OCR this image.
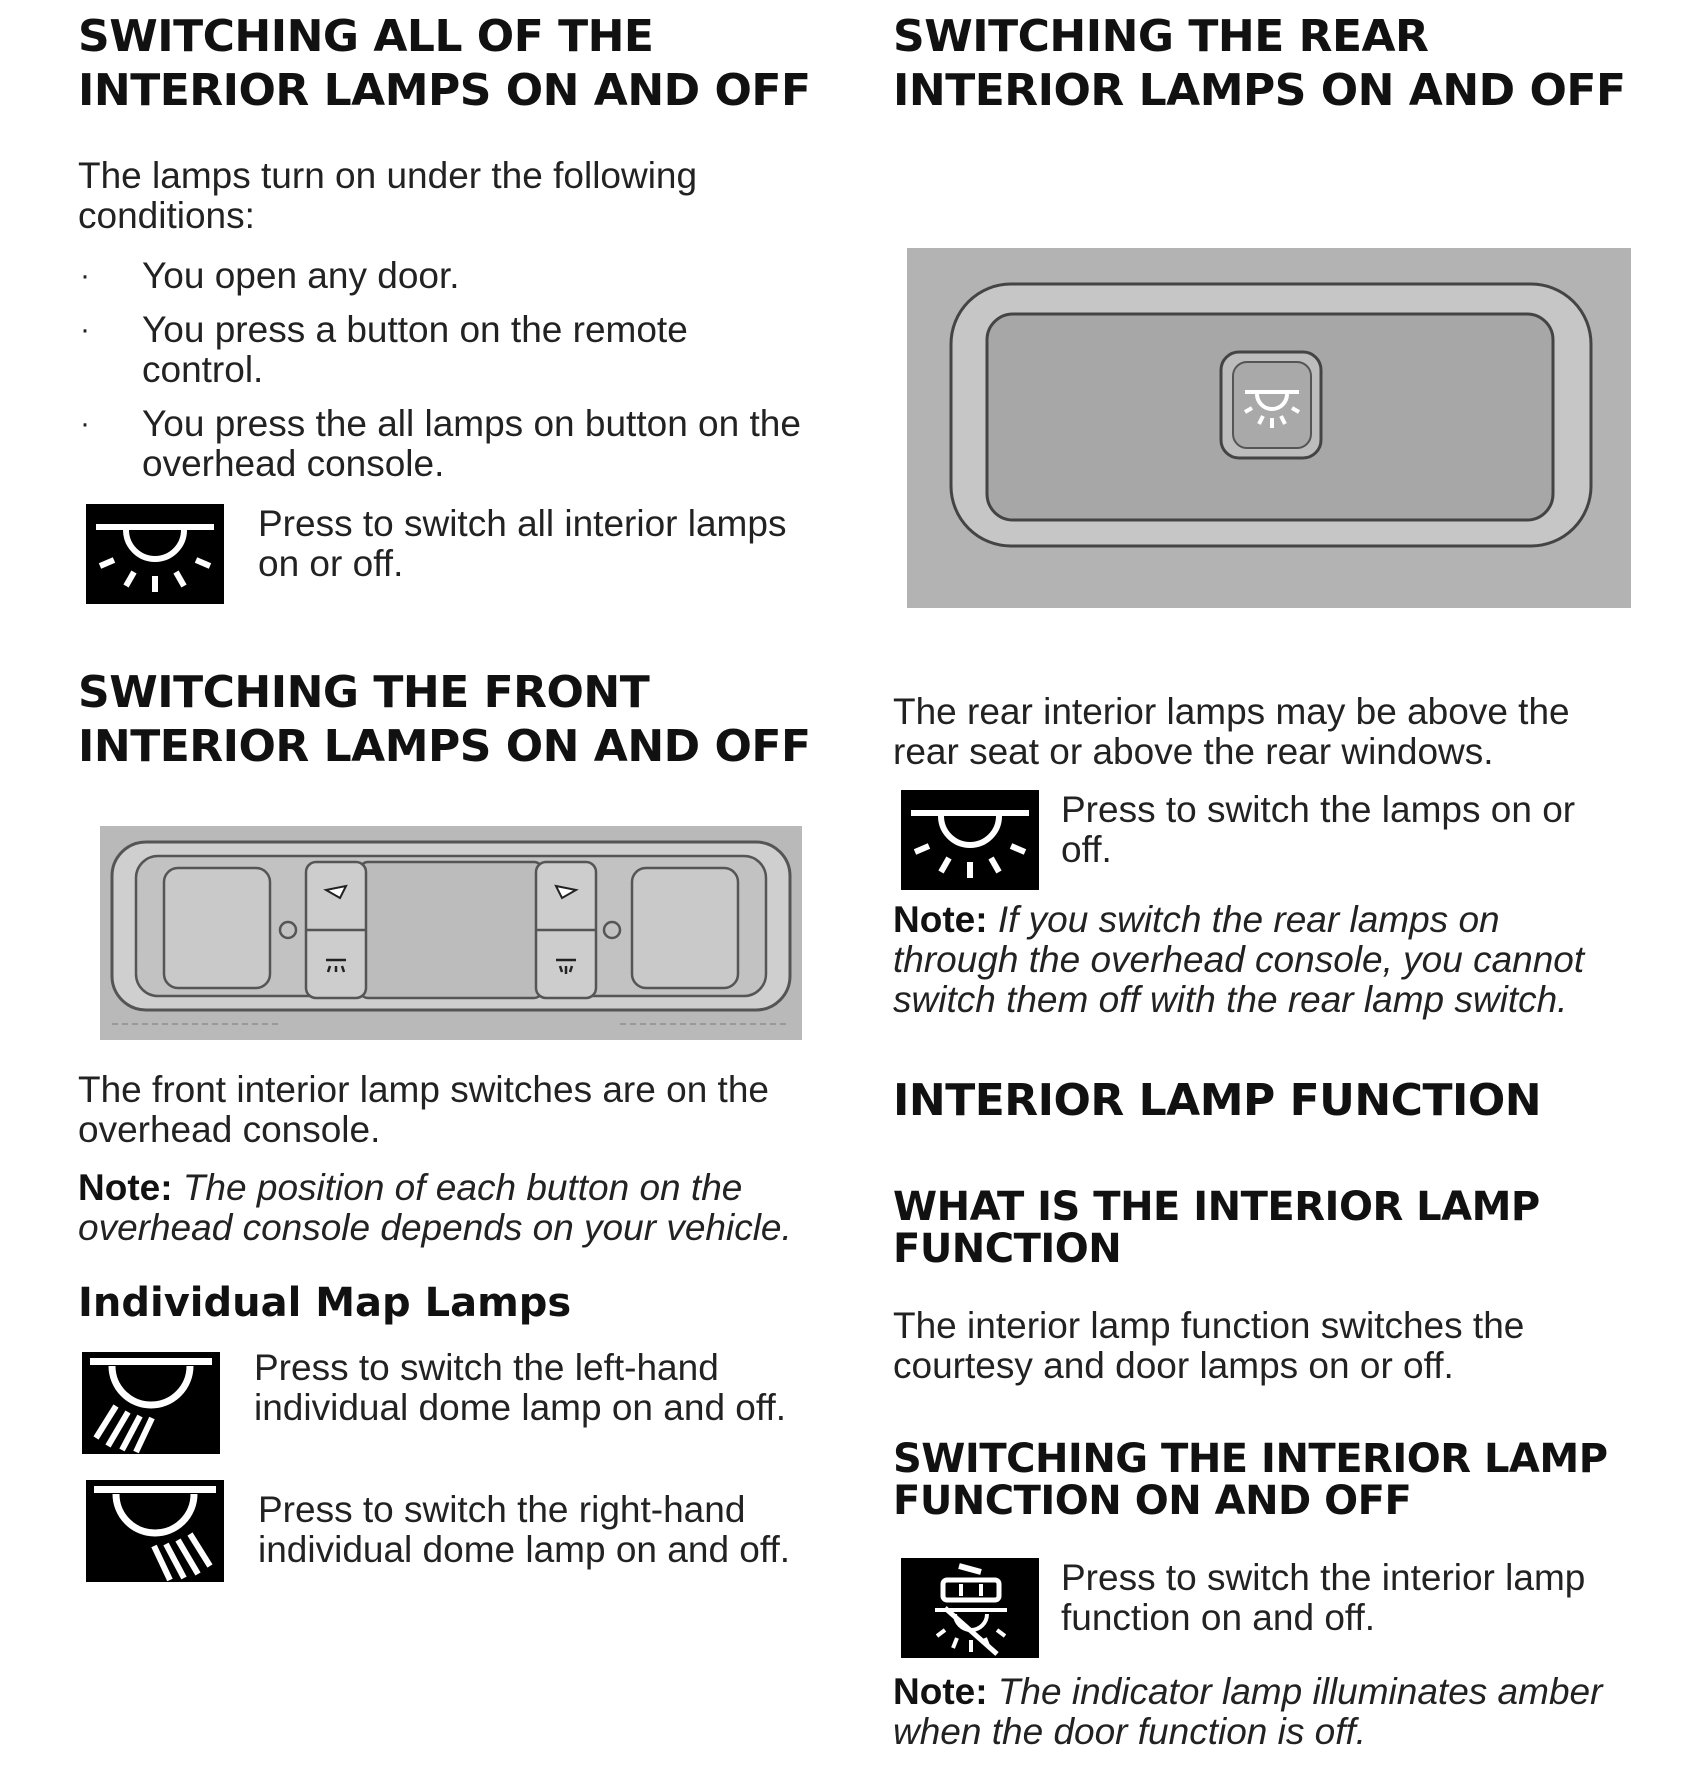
SWITCHING ALL OF THE
INTERIOR LAMPS ON AND OFF

The lamps turn on under the following conditions:

· You open any door.
· You press a button on the remote control.
· You press the all lamps on button on the overhead console.

Press to switch all interior lamps on or off.

SWITCHING THE FRONT
INTERIOR LAMPS ON AND OFF

The front interior lamp switches are on the overhead console.

Note: The position of each button on the overhead console depends on your vehicle.

Individual Map Lamps

Press to switch the left-hand individual dome lamp on and off.

Press to switch the right-hand individual dome lamp on and off.

SWITCHING THE REAR
INTERIOR LAMPS ON AND OFF

The rear interior lamps may be above the rear seat or above the rear windows.

Press to switch the lamps on or off.

Note: If you switch the rear lamps on through the overhead console, you cannot switch them off with the rear lamp switch.

INTERIOR LAMP FUNCTION
WHAT IS THE INTERIOR LAMP
FUNCTION

The interior lamp function switches the courtesy and door lamps on or off.

SWITCHING THE INTERIOR LAMP
FUNCTION ON AND OFF

Press to switch the interior lamp function on and off.

Note: The indicator lamp illuminates amber when the door function is off.
